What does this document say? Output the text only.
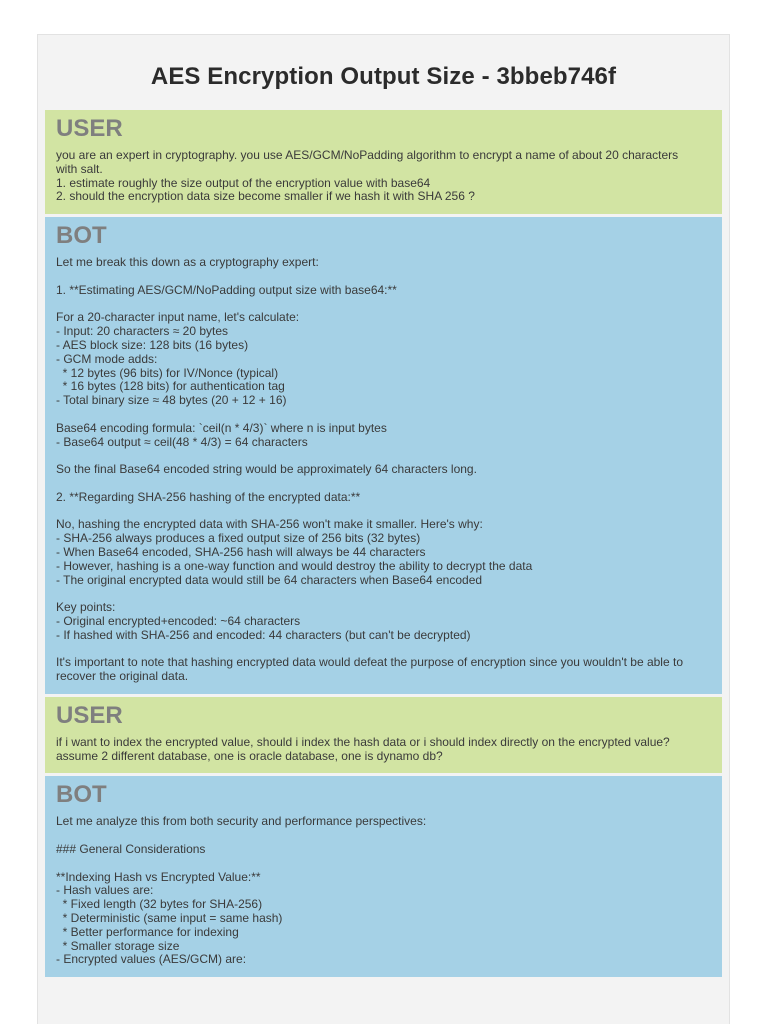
AES Encryption Output Size - 3bbeb746f
USER

you are an expert in cryptography. you use AES/GCM/NoPadding algorithm to encrypt a name of about 20 characters
with salt.
1. estimate roughly the size output of the encryption value with base64
2. should the encryption data size become smaller if we hash it with SHA 256 ?

BOT

Let me break this down as a cryptography expert:

1. **Estimating AES/GCM/NoPadding output size with base64:**

For a 20-character input name, let's calculate:
- Input: 20 characters ≈ 20 bytes
- AES block size: 128 bits (16 bytes)
- GCM mode adds:
* 12 bytes (96 bits) for IV/Nonce (typical)
* 16 bytes (128 bits) for authentication tag
- Total binary size ≈ 48 bytes (20 + 12 + 16)

Base64 encoding formula: `ceil(n * 4/3)` where n is input bytes
- Base64 output ≈ ceil(48 * 4/3) = 64 characters

So the final Base64 encoded string would be approximately 64 characters long.

2. **Regarding SHA-256 hashing of the encrypted data:**

No, hashing the encrypted data with SHA-256 won't make it smaller. Here's why:
- SHA-256 always produces a fixed output size of 256 bits (32 bytes)
- When Base64 encoded, SHA-256 hash will always be 44 characters
- However, hashing is a one-way function and would destroy the ability to decrypt the data
- The original encrypted data would still be 64 characters when Base64 encoded

Key points:
- Original encrypted+encoded: ~64 characters
- If hashed with SHA-256 and encoded: 44 characters (but can't be decrypted)

It's important to note that hashing encrypted data would defeat the purpose of encryption since you wouldn't be able to
recover the original data.

USER

if i want to index the encrypted value, should i index the hash data or i should index directly on the encrypted value?
assume 2 different database, one is oracle database, one is dynamo db?

BOT

Let me analyze this from both security and performance perspectives:

### General Considerations

**Indexing Hash vs Encrypted Value:**
- Hash values are:
* Fixed length (32 bytes for SHA-256)
* Deterministic (same input = same hash)
* Better performance for indexing
* Smaller storage size
- Encrypted values (AES/GCM) are:
